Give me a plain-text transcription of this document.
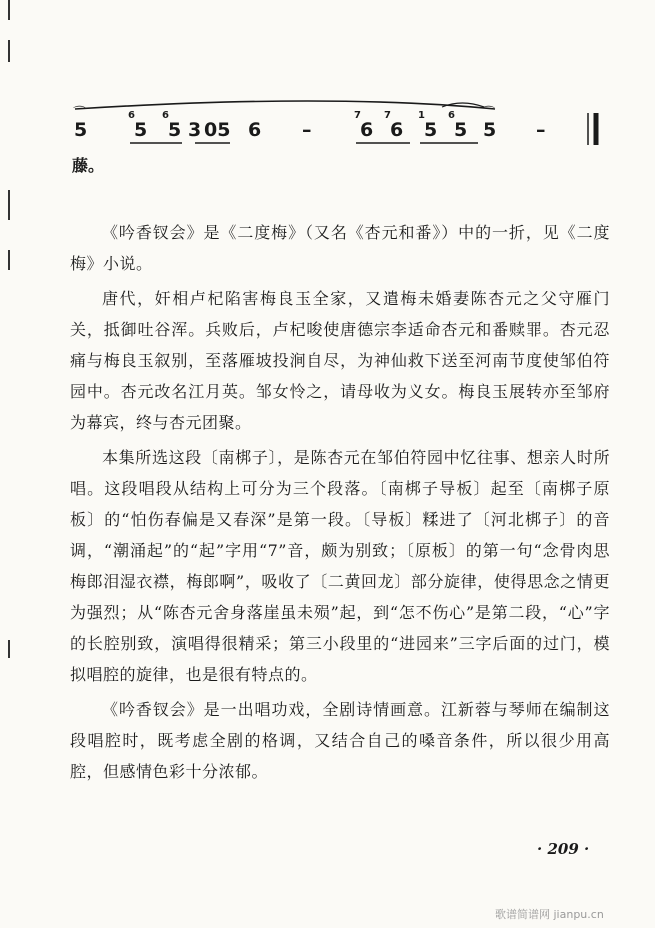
⌒
5
6
5
6
5 3 05 6 –
7
6
7
6
1
5
6
5
⌒
5 –
藤。

《吟香钗会》是《二度梅》（又名《杏元和番》）中的一折，见《二度梅》小说。

唐代，奸相卢杞陷害梅良玉全家，又遣梅未婚妻陈杏元之父守雁门关，抵御吐谷浑。兵败后，卢杞唆使唐德宗李适命杏元和番赎罪。杏元忍痛与梅良玉叙别，至落雁坡投涧自尽，为神仙救下送至河南节度使邹伯符园中。杏元改名江月英。邹女怜之，请母收为义女。梅良玉展转亦至邹府为幕宾，终与杏元团聚。

本集所选这段〔南梆子〕，是陈杏元在邹伯符园中忆往事、想亲人时所唱。这段唱段从结构上可分为三个段落。〔南梆子导板〕起至〔南梆子原板〕的“怕伤春偏是又春深”是第一段。〔导板〕糅进了〔河北梆子〕的音调，“潮涌起”的“起”字用“7”音，颇为别致；〔原板〕的第一句“念骨肉思梅郎泪湿衣襟，梅郎啊”，吸收了〔二黄回龙〕部分旋律，使得思念之情更为强烈；从“陈杏元舍身落崖虽未殒”起，到“怎不伤心”是第二段，“心”字的长腔别致，演唱得很精采；第三小段里的“进园来”三字后面的过门，模拟唱腔的旋律，也是很有特点的。

《吟香钗会》是一出唱功戏，全剧诗情画意。江新蓉与琴师在编制这段唱腔时，既考虑全剧的格调，又结合自己的嗓音条件，所以很少用高腔，但感情色彩十分浓郁。

· 209 ·
歌谱简谱网 jianpu.cn
